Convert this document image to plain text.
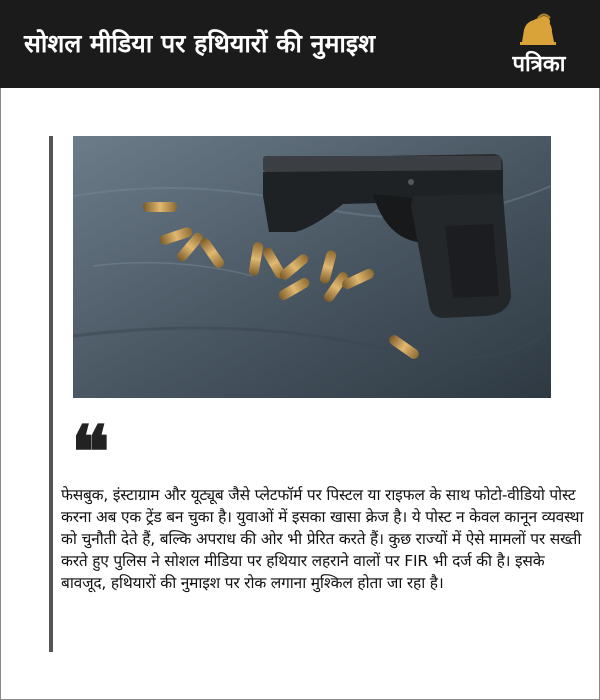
सोशल मीडिया पर हथियारों की नुमाइश
पत्रिका
❝
फेसबुक, इंस्टाग्राम और यूट्यूब जैसे प्लेटफॉर्म पर पिस्टल या राइफल के साथ फोटो-वीडियो पोस्ट करना अब एक ट्रेंड बन चुका है। युवाओं में इसका खासा क्रेज है। ये पोस्ट न केवल कानून व्यवस्था को चुनौती देते हैं, बल्कि अपराध की ओर भी प्रेरित करते हैं। कुछ राज्यों में ऐसे मामलों पर सख्ती करते हुए पुलिस ने सोशल मीडिया पर हथियार लहराने वालों पर FIR भी दर्ज की है। इसके बावजूद, हथियारों की नुमाइश पर रोक लगाना मुश्किल होता जा रहा है।
